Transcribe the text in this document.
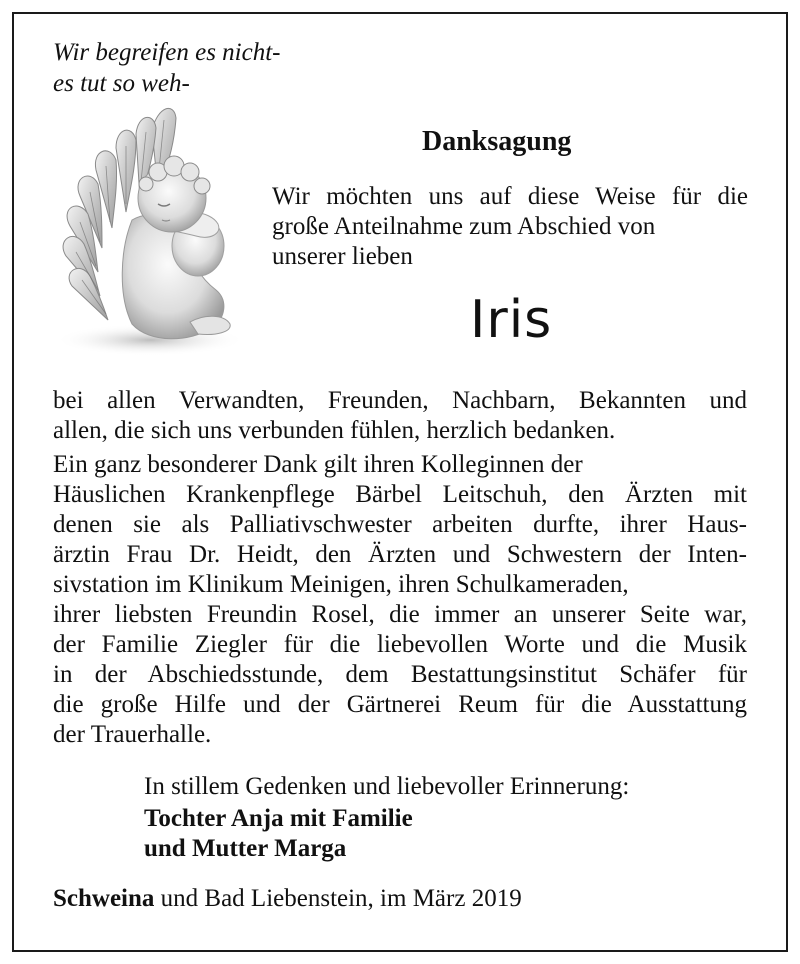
Wir begreifen es nicht-
es tut so weh-
Danksagung
Wir möchten uns auf diese Weise für die
große Anteilnahme zum Abschied von
unserer lieben
Iris
bei allen Verwandten, Freunden, Nachbarn, Bekannten und
allen, die sich uns verbunden fühlen, herzlich bedanken.
Ein ganz besonderer Dank gilt ihren Kolleginnen der
Häuslichen Krankenpflege Bärbel Leitschuh, den Ärzten mit
denen sie als Palliativschwester arbeiten durfte, ihrer Haus-
ärztin Frau Dr. Heidt, den Ärzten und Schwestern der Inten-
sivstation im Klinikum Meinigen, ihren Schulkameraden,
ihrer liebsten Freundin Rosel, die immer an unserer Seite war,
der Familie Ziegler für die liebevollen Worte und die Musik
in der Abschiedsstunde, dem Bestattungsinstitut Schäfer für
die große Hilfe und der Gärtnerei Reum für die Ausstattung
der Trauerhalle.
In stillem Gedenken und liebevoller Erinnerung:
Tochter Anja mit Familie
und Mutter Marga
Schweina und Bad Liebenstein, im März 2019
